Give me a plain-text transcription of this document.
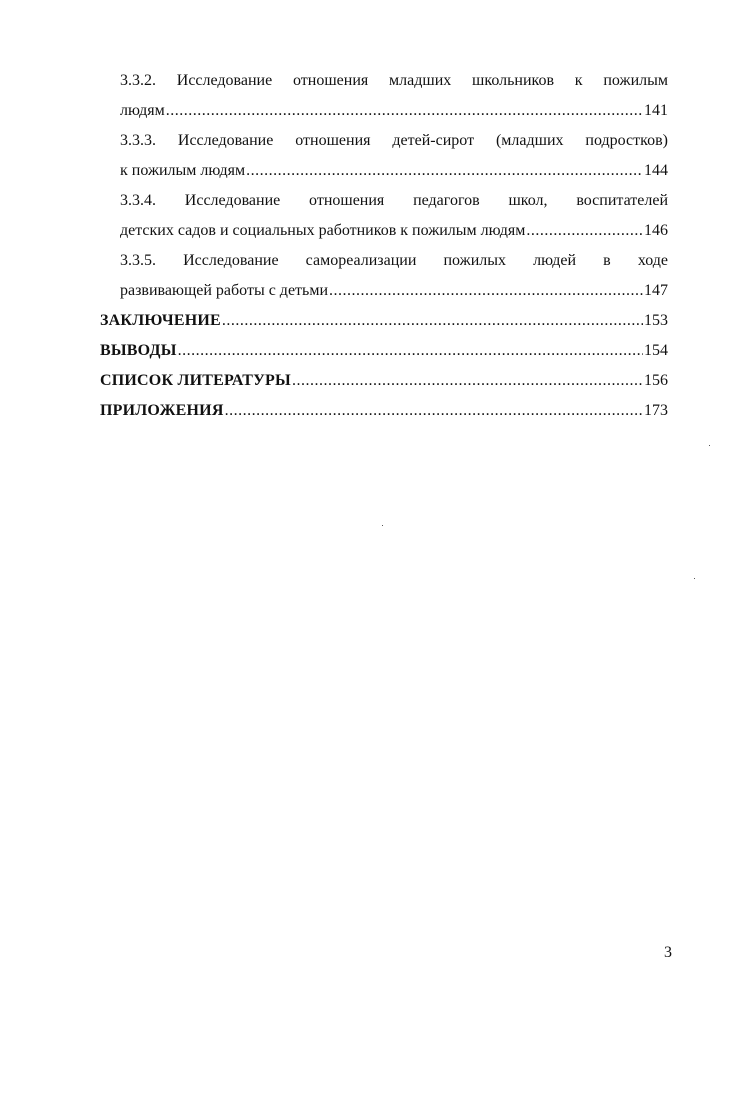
3.3.2. Исследование отношения младших школьников к пожилым
людям .....	141
3.3.3. Исследование отношения детей-сирот (младших подростков)
к пожилым людям .....	144
3.3.4. Исследование отношения педагогов школ, воспитателей
детских садов и социальных работников к пожилым людям .....	146
3.3.5. Исследование самореализации пожилых людей в ходе
развивающей работы с детьми .....	147
ЗАКЛЮЧЕНИЕ .....	153
ВЫВОДЫ .....	154
СПИСОК ЛИТЕРАТУРЫ .....	156
ПРИЛОЖЕНИЯ .....	173
3
